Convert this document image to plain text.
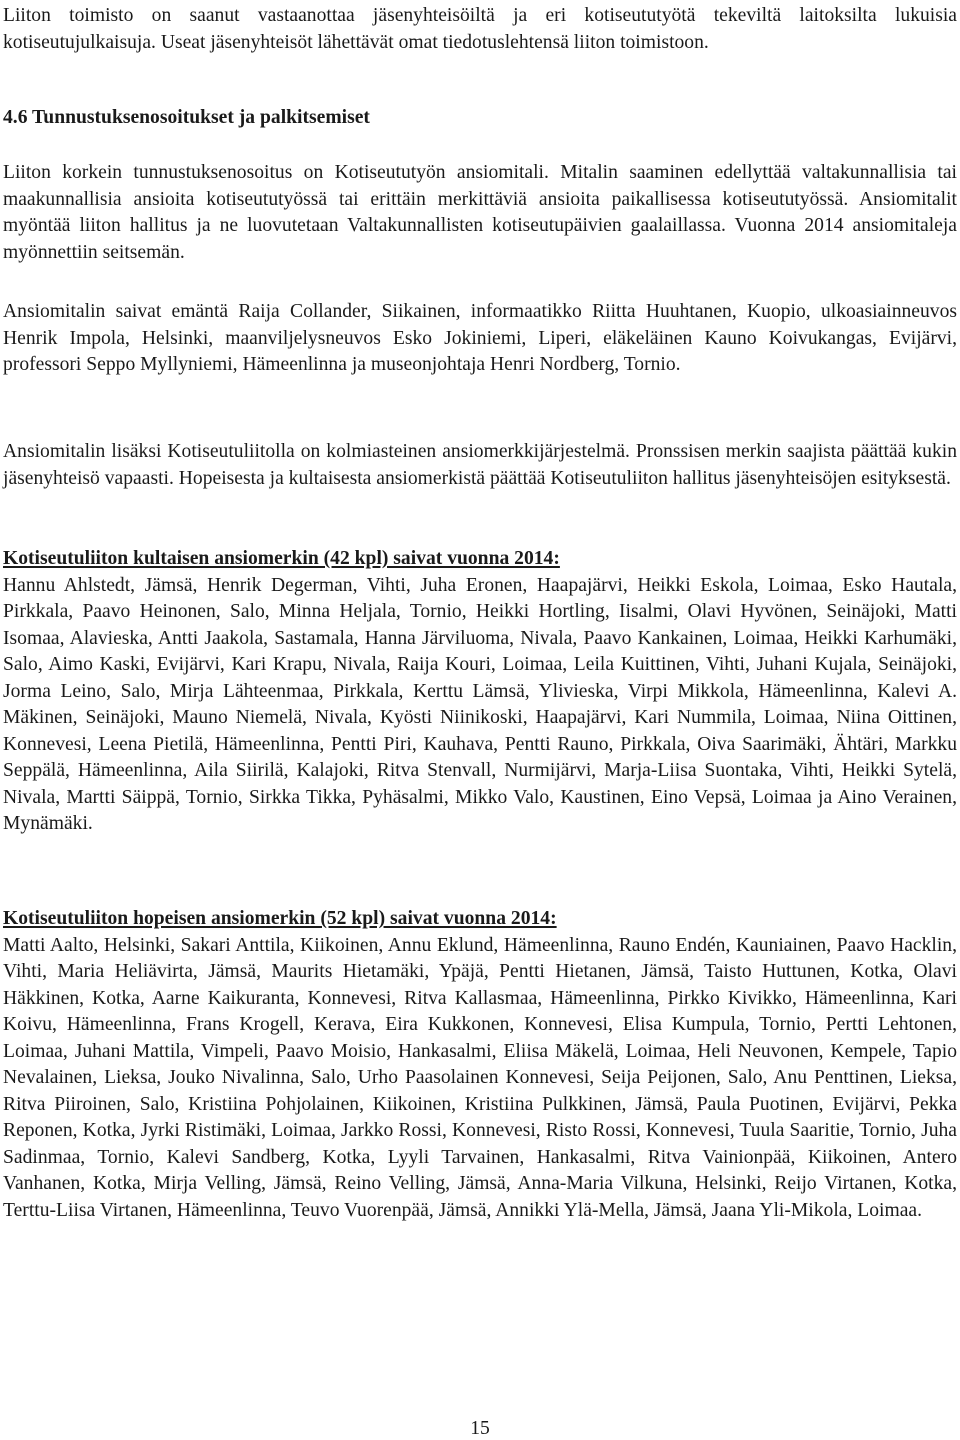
Liiton toimisto on saanut vastaanottaa jäsenyhteisöiltä ja eri kotiseututyötä tekeviltä laitoksilta lukuisia kotiseutujulkaisuja. Useat jäsenyhteisöt lähettävät omat tiedotuslehtensä liiton toimistoon.

4.6 Tunnustuksenosoitukset ja palkitsemiset

Liiton korkein tunnustuksenosoitus on Kotiseututyön ansiomitali. Mitalin saaminen edellyttää valtakunnallisia tai maakunnallisia ansioita kotiseututyössä tai erittäin merkittäviä ansioita paikallisessa kotiseututyössä. Ansiomitalit myöntää liiton hallitus ja ne luovutetaan Valtakunnallisten kotiseutupäivien gaalaillassa. Vuonna 2014 ansiomitaleja myönnettiin seitsemän.

Ansiomitalin saivat emäntä Raija Collander, Siikainen, informaatikko Riitta Huuhtanen, Kuopio, ulkoasiainneuvos Henrik Impola, Helsinki, maanviljelysneuvos Esko Jokiniemi, Liperi, eläkeläinen Kauno Koivukangas, Evijärvi, professori Seppo Myllyniemi, Hämeenlinna ja museonjohtaja Henri Nordberg, Tornio.

Ansiomitalin lisäksi Kotiseutuliitolla on kolmiasteinen ansiomerkkijärjestelmä. Pronssisen merkin saajista päättää kukin jäsenyhteisö vapaasti. Hopeisesta ja kultaisesta ansiomerkistä päättää Kotiseutuliiton hallitus jäsenyhteisöjen esityksestä.

Kotiseutuliiton kultaisen ansiomerkin (42 kpl) saivat vuonna 2014:

Hannu Ahlstedt, Jämsä, Henrik Degerman, Vihti, Juha Eronen, Haapajärvi, Heikki Eskola, Loimaa, Esko Hautala, Pirkkala, Paavo Heinonen, Salo, Minna Heljala, Tornio, Heikki Hortling, Iisalmi, Olavi Hyvönen, Seinäjoki, Matti Isomaa, Alavieska, Antti Jaakola, Sastamala, Hanna Järviluoma, Nivala, Paavo Kankainen, Loimaa, Heikki Karhumäki, Salo, Aimo Kaski, Evijärvi, Kari Krapu, Nivala, Raija Kouri, Loimaa, Leila Kuittinen, Vihti, Juhani Kujala, Seinäjoki, Jorma Leino, Salo, Mirja Lähteenmaa, Pirkkala, Kerttu Lämsä, Ylivieska, Virpi Mikkola, Hämeenlinna, Kalevi A. Mäkinen, Seinäjoki, Mauno Niemelä, Nivala, Kyösti Niinikoski, Haapajärvi, Kari Nummila, Loimaa, Niina Oittinen, Konnevesi, Leena Pietilä, Hämeenlinna, Pentti Piri, Kauhava, Pentti Rauno, Pirkkala, Oiva Saarimäki, Ähtäri, Markku Seppälä, Hämeenlinna, Aila Siirilä, Kalajoki, Ritva Stenvall, Nurmijärvi, Marja-Liisa Suontaka, Vihti, Heikki Sytelä, Nivala, Martti Säippä, Tornio, Sirkka Tikka, Pyhäsalmi, Mikko Valo, Kaustinen, Eino Vepsä, Loimaa ja Aino Verainen, Mynämäki.

Kotiseutuliiton hopeisen ansiomerkin (52 kpl) saivat vuonna 2014:

Matti Aalto, Helsinki, Sakari Anttila, Kiikoinen, Annu Eklund, Hämeenlinna, Rauno Endén, Kauniainen, Paavo Hacklin, Vihti, Maria Heliävirta, Jämsä, Maurits Hietamäki, Ypäjä, Pentti Hietanen, Jämsä, Taisto Huttunen, Kotka, Olavi Häkkinen, Kotka, Aarne Kaikuranta, Konnevesi, Ritva Kallasmaa, Hämeenlinna, Pirkko Kivikko, Hämeenlinna, Kari Koivu, Hämeenlinna, Frans Krogell, Kerava, Eira Kukkonen, Konnevesi, Elisa Kumpula, Tornio, Pertti Lehtonen, Loimaa, Juhani Mattila, Vimpeli, Paavo Moisio, Hankasalmi, Eliisa Mäkelä, Loimaa, Heli Neuvonen, Kempele, Tapio Nevalainen, Lieksa, Jouko Nivalinna, Salo, Urho Paasolainen Konnevesi, Seija Peijonen, Salo, Anu Penttinen, Lieksa, Ritva Piiroinen, Salo, Kristiina Pohjolainen, Kiikoinen, Kristiina Pulkkinen, Jämsä, Paula Puotinen, Evijärvi, Pekka Reponen, Kotka, Jyrki Ristimäki, Loimaa, Jarkko Rossi, Konnevesi, Risto Rossi, Konnevesi, Tuula Saaritie, Tornio, Juha Sadinmaa, Tornio, Kalevi Sandberg, Kotka, Lyyli Tarvainen, Hankasalmi, Ritva Vainionpää, Kiikoinen, Antero Vanhanen, Kotka, Mirja Velling, Jämsä, Reino Velling, Jämsä, Anna-Maria Vilkuna, Helsinki, Reijo Virtanen, Kotka, Terttu-Liisa Virtanen, Hämeenlinna, Teuvo Vuorenpää, Jämsä, Annikki Ylä-Mella, Jämsä, Jaana Yli-Mikola, Loimaa.

15
